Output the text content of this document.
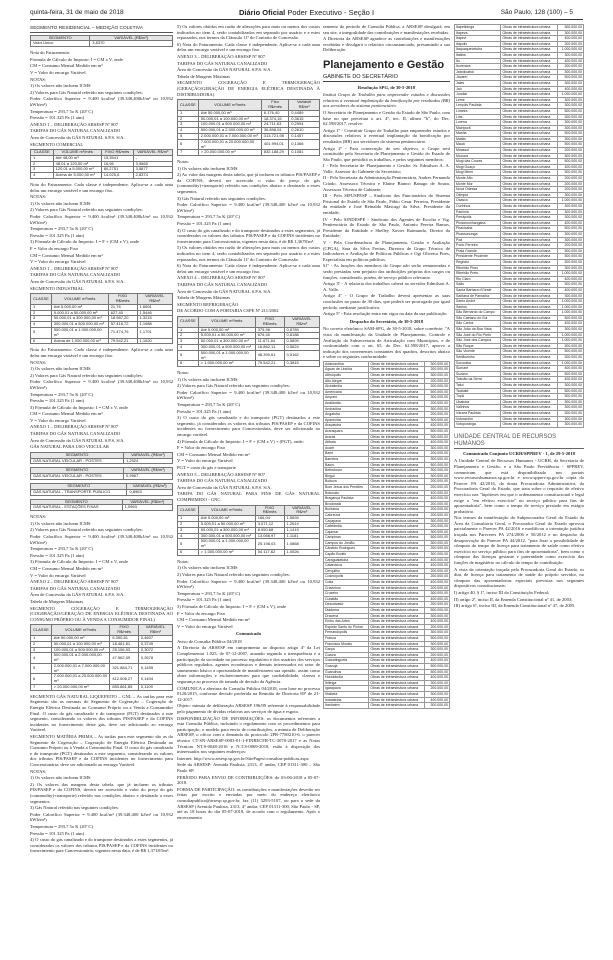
quinta-feira, 31 de maio de 2018	Diário Oficial Poder Executivo - Seção I	São Paulo, 128 (100) – 5
SEGMENTO RESIDENCIAL – MEDIÇÃO COLETIVA
SEGMENTO	VARIÁVEL (R$/m³)
Valor Único	3,8370

Nota do Faturamento:

Fórmula de Cálculo do Imposto: I = CM x V, onde

CM = Consumo Mensal Medido em m³

V = Valor do encargo Variável

NOTAS:

1) Os valores não incluem ICMS

2) Valores para Gás Natural referido nas seguintes condições:

Poder Calorífico Superior = 9.400 kcal/m³ (39.348,400kJ/m³ ou 10,932 kWh/m³)

Temperatura = 293,7 5o K (20º C)

Pressão = 101.325 Pa (1 atm)

ANEXO 1 – DELIBERAÇÃO ARSESP Nº 807

TARIFAS DO GÁS NATURAL CANALIZADO

Área de Concessão da GÁS NATURAL S.P.S. S/A.

SEGMENTO COMERCIAL

CLASSE	VOLUME m³/mês	FIXO R$/mês	VARIÁVEL R$/m³
1	Até 48,00 m³	19,3541	-
2	48,01 a 120,00 m³	16,96	3,9665
3	120,01 a 5.000,00 m³	80,2751	3,5877
4	Acima de 5.000,00 m³	14.025,6	2,8374

Nota do Faturamento: Cada classe é independente. Aplica-se a cada uma delas um encargo variável e um encargo fixo.

NOTAS:

1) Os valores não incluem ICMS

2) Valores para Gás Natural referido nas seguintes condições:

Poder Calorífico Superior = 9.400 kcal/m³ (39.348,400kJ/m³ ou 10,932 kWh/m³)

Temperatura = 293,7 5o K (20º C)

Pressão = 101.325 Pa (1 atm)

3) Fórmula de Cálculo do Imposto: I = F + (CM x V), onde

F = Valor do encargo Fixo

CM = Consumo Mensal Medido em m³

V = Valor do encargo Variável

ANEXO 1 – DELIBERAÇÃO ARSESP Nº 807

TARIFAS DO GÁS NATURAL CANALIZADO

Área de Concessão da GÁS NATURAL S.P.S. S/A.

SEGMENTO INDUSTRIAL

CLASSE	VOLUME m³/mês	FIXO R$/mês	VARIÁVEL R$/m³
1	Até 5.000,00 m³	21,76	1,6691
2	5.000,01 a 50.000,00 m³	627,40	1,5446
3	50.000,01 a 300.000,00 m³	18.987,20	1,3215
4	300.000,01 a 500.000,00 m³	57.416,72	1,1988
5	500.000,01 a 1.000.000,00 m³	71.474,76	1,1701
6	Acima de 1.000.000,00 m³	79.542,21	1,1620

Nota do Faturamento: Cada classe é independente. Aplica-se a cada uma delas um encargo variável e um encargo fixo.

NOTAS:

1) Os valores não incluem ICMS

2) Valores para Gás Natural referido nas seguintes condições:

Poder Calorífico Superior = 9.400 kcal/m³ (39.348,400kJ/m³ ou 10,932 kWh/m³)

Temperatura = 293,7 5o K (20º C)

Pressão = 101.325 Pa (1 atm)

3) Fórmula de Cálculo do Imposto: I = CM x V, onde

CM = Consumo Mensal Medido em m³

V = Valor do encargo Variável

ANEXO 1 – DELIBERAÇÃO ARSESP Nº 807

TARIFAS DO GÁS NATURAL CANALIZADO

Área de Concessão da GÁS NATURAL S.P.S. S/A.

GÁS NATURAL PARA USO VEICULAR

SEGMENTO	VARIÁVEL (R$/m³)
GÁS NATURAL VEICULAR - POSTES	1,2924
SEGMENTO	VARIÁVEL (R$/m³)
GÁS NATURAL VEICULAR - POSTES	0,9567
SEGMENTO	VARIÁVEL (R$/m³)
GÁS NATURAL - TRANSPORTE PÚBLICO	0,8963
SEGMENTO	VARIÁVEL (R$/m³)
GÁS NATURAL - ESTAÇÕES FIXAS	1,0963

NOTAS:

1) Os valores não incluem ICMS

2) Valores para Gás Natural referido nas seguintes condições:

Poder Calorífico Superior = 9.400 kcal/m³ (39.348,400kJ/m³ ou 10,932 kWh/m³)

Temperatura = 293,7 5o K (20º C)

Pressão = 101.325 Pa (1 atm)

3) Fórmula de Cálculo do Imposto: I = CM x V, onde

CM = Consumo Mensal Medido em m³

V = Valor do encargo Variável

ANEXO 2 – DELIBERAÇÃO ARSESP Nº 807

TARIFAS DO GÁS NATURAL CANALIZADO

Área de Concessão da GÁS NATURAL S.P.S. S/A.

Tabela de Margens Máximas

SEGMENTO COGERAÇÃO E TERMOGERAÇÃO (COGERAÇÃO/GERAÇÃO DE ENERGIA ELÉTRICA DESTINADA AO CONSUMO PRÓPRIO OU À VENDA A CONSUMIDOR FINAL)

CLASSE	VOLUME m³/mês	FIXO R$/mês	VARIÁVEL R$/m³
1	Até 50.000,00 m³	6.350,81	0,4607
2	50.000,01 a 100.000,00 m³	18.461,61	0,3749
3	100.000,01 a 500.000,00 m³	25.156,93	0,3072
4	500.000,01 a 2.000.000,00 m³	47.562,09	0,2678
5	2.000.000,01 a 7.000.000,00 m³	321.884,71	0,1495
6	7.000.000,01 a 20.000.000,00 m³	412.506,27	0,1404
7	> 20.000.000,00 m³	853.861,85	0,1109

SEGMENTO GÁS NATURAL LIQUEFEITO – GNL – As tarifas para este Segmento são as mesmas do Segmento de Cogeração – Cogeração de Energia Elétrica Destinada ao Consumo Próprio ou a Venda a Consumidor Final. O custo do gás canalizado e do transporte (PGT) destinados a este segmento, considerando os valores dos tributos PIS/PASEP e da COFINS incidentes no fornecimento deste gás, deve ser adicionado ao encargo Variável.

SEGMENTO MATÉRIA PRIMA – As tarifas para este segmento são as do Segmento de Cogeração – Cogeração de Energia Elétrica Destinada ao Consumo Próprio ou à Venda a Consumidor Final. O custo do gás canalizado e do transporte (PGT) destinados a este segmento, considerando os valores dos tributos PIS/PASEP e da COFINS incidentes no fornecimento para Concessionária, deve ser adicionado ao encargo Variável.

NOTAS:

1) Os valores não incluem ICMS

2) Os valores das margens desta tabela, que já incluem os tributos PIS/PASEP e da COFINS, deverá ser acrescido o valor do preço do gás (commodity)+transporte) referido nas condições abaixo e destinado a esses segmentos.

3) Gás Natural referido nas seguintes condições:

Poder Calorífico Superior = 9.400 kcal/m³ (39.348,400 kJ/m³ ou 10,932 kWh/m³)

Temperatura = 293,7 5o K (20º C)

Pressão = 101.325 Pa (1 atm)

4) O custo do gás canalizado e do transporte destinados a estes segmentos, já considerados os valores dos tributos PIS/PASEP e da COFINS incidentes no fornecimento para Concessionária, vigentes nesta data, é de R$ 1,3718/5m³.

5) Os valores obtidos em razão de alterações para mais ou menos dos custos indicados no item 4, serão contabilizados em separado por usuário e a estes repassados, nos termos da Cláusula 11ª do Contrato de Concessão.

6) Nota do Faturamento: Cada classe é independente. Aplica-se a cada uma delas um encargo variável e um encargo fixo.

ANEXO 3 – DELIBERAÇÃO ARSESP Nº 807

TARIFAS DO GÁS NATURAL CANALIZADO

Área de Concessão da GÁS NATURAL S.P.S. S/A.

Tabela de Margens Máximas

SEGMENTO COGERAÇÃO E TERMOGERAÇÃO (GERAÇÃO/GERAÇÃO DE ENERGIA ELÉTRICA DESTINADA À DISTRIBUIDORA)

CLASSE	VOLUME m³/mês	Fixo R$/mês	Variável R$/m³
1	Até 50.000,00 m³	6.176,40	0,4489
2	50.000,01 a 100.000,00 m³	18.374,15	0,3615
3	100.000,01 a 500.000,00 m³	24.711,63	0,2994
4	500.000,01 a 2.000.000,00 m³	36.898,91	0,2610
5	2.000.000,01 a 7.000.000,00 m³	313.721,98	0,1457
6	7.000.000,01 a 20.000.000,00 m³	401.994,01	0,1368
7	> 20.000.000,00 m³	832.188,29	0,1081

Notas:

1) Os valores não incluem ICMS

2) Ao valor das margens desta tabela, que já incluem os tributos PIS/PASEP e da COFINS, deverá ser acrescido o valor do preço do gás (commodity)+transporte) referido nas condições abaixo e destinado a esses segmentos.

3) Gás Natural referido nas seguintes condições:

Poder Calorífico Superior = 9.400 kcal/m³ (39.348,400 kJ/m³ ou 10,932 kWh/m³)

Temperatura = 293,7 5o K (20º C)

Pressão = 101.325 Pa (1 atm)

4) O custo do gás canalizado e do transporte destinados a estes segmentos, já considerados os valores dos tributos PIS/PASEP e da COFINS incidentes no fornecimento para Concessionária, vigentes nesta data, é de R$ 1,3678/m³.

5) Os valores obtidos em razão de alterações para mais ou menos dos custos indicados no item 4, serão contabilizados em separado por usuário e a estes repassados, nos termos da Cláusula 11ª do Contrato de Concessão.

6) Nota do Faturamento: Cada classe é independente. Aplica-se a cada uma delas um encargo variável e um encargo fixo.

ANEXO 4 – DELIBERAÇÃO ARSESP Nº 807

TARIFAS DO GÁS NATURAL CANALIZADO

Área de Concessão da GÁS NATURAL S.P.S. S/A.

Tabela de Margens Máximas

SEGMENTO REFRIGERAÇÃO

DE ACORDO COM A PORTARIA CSPE Nº 211/2002

CLASSE	VOLUME m³/mês	FIXO R$/mês	VARIÁVEL R$/m³
1	Até 5.000,00 m³	375,96	0,8789
2	5.000,01 a 50.000,00 m³	676,40	0,8188
3	50.000,01 a 300.000,00 m³	11.671,64	0,5899
4	300.000,01 a 500.000,00 m³	16.862,11	0,5624
5	500.000,01 a 1.000.000,00 m³	48.390,61	0,5162
6	> 1.000.000,00 m³	79.542,21	0,3815

Notas:

1) Os valores não incluem ICMS

2) Valores para Gás Natural referido nas seguintes condições:

Poder Calorífico Superior = 9.400 kcal/m³ (39.348,400 kJ/m³ ou 10,932 kWh/m³)

Temperatura = 293,7 5o K (20º C)

Pressão = 101.325 Pa (1 atm)

3) O custo do gás canalizado e do transporte (PGT) destinados a este segmento, já considerados os valores dos tributos PIS/PASEP e da COFINS incidentes no fornecimento para Concessionária, deve ser adicionado ao encargo variável.

4) Fórmula de Cálculo do Imposto: I = F + (CM x V) + (PGT), onde:

F = Valor do encargo Fixo

CM = Consumo Mensal Medido em m³

V = Valor do encargo Variável

PGT = custo do gás e transporte

ANEXO 5 – DELIBERAÇÃO ARSESP Nº 807

TARIFAS DO GÁS NATURAL CANALIZADO

Área de Concessão da GÁS NATURAL S.P.S. S/A.

TARIFA DO GÁS NATURAL PARA FINS DE GÁS NATURAL COMPRIMIDO - GNC

CLASSE	VOLUME m³/mês	FIXO R$/mês	VARIÁVEL R$/m³
1	Até 5.000,00 m³	166,04	1,5694
2	5.000,01 a 50.000,00 m³	3.071,12	1,2614
3	50.000,01 a 300.000,00 m³	8.950,68	1,1419
4	300.000,01 a 500.000,00 m³	13.066,97	1,1181
5	500.000,01 a 1.000.000,00 m³	25.198,03	1,0868
6	> 1.000.000,00 m³	54.117,62	1,0526

Notas:

1) Os valores não incluem ICMS

2) Valores para Gás Natural referido nas seguintes condições:

Poder Calorífico Superior = 9.400 kcal/m³ (39.348,400 kJ/m³ ou 10,932 kWh/m³)

Temperatura = 293,7 5o K (20º C)

Pressão = 101.325 Pa (1 atm)

3) Fórmula de Cálculo do Imposto: I = F + (CM x V), onde

F = Valor do encargo Fixo

CM = Consumo Mensal Medido em m³

V = Valor do encargo Variável

Comunicado

Aviso de Consulta Pública 04/2018

A Diretoria da ARSESP em cumprimento ao disposto artigo 4º da Lei Complementar 1.025, de 07-12-2007, atuando segundo a transparência e a participação da sociedade no processo regulatório e dos usuários dos serviços públicos regulados, agentes econômicos e demais interessados no setor de saneamento básico a oportunidade de manifestarem sua opinião, assim como obter informações e esclarecimentos para que confiabilidade, clareza e segurança ao processo de tomada de decisão da Agência.

COMUNICA a abertura da Consulta Pública 04/2018, com base no processo 0120/2015, conforme decisão proferida na Reunião de Diretoria 69ª de 21-12-2017.

Objeto: minuta de deliberação ARSESP 196/09 referente à responsabilidade pelo pagamento de dívidas relativas aos serviços de água e esgoto.

DISPONIBILIZAÇÃO DE INFORMAÇÕES: os documentos referentes a esta Consulta Pública, incluindo o regulamento com os procedimentos para participação, o modelo para envio de contribuições, a minuta de Deliberação ARSESP, o ofício com a demanda do protocolo 2PR-7780210-6, o parecer técnico CT-SN-ARSESP-0003-01-1-FINBECFR-TC-3070-2017 e as Notas Técnicas NT.S-0048-2016 e N.T.S-0069-2018, estão à disposição dos interessados nos seguintes endereços:

Internet: http://www.arsesp.sp.gov.br/SitePages/consultas-publicas.aspx

Sede da ARSESP: Avenida Paulista, 2313, 4º andar, CEP 01311-300 – São Paulo SP.

PERÍODO PARA ENVIO DE CONTRIBUIÇÕES: de 03-06-2018 a 05-07-2018.

FORMA DE PARTICIPAÇÃO: as contribuições e manifestações deverão ser feitas por escrito e enviadas por meio do endereço eletrônico consultapublica@arsesp.sp.gov.br, fax (11) 3293-5107, ou para a sede da ARSESP (Avenida Paulista, 2313, 4º andar, CEP 01311-300, São Paulo - SP, até as 18 horas do dia 05-07-2018, de acordo com o regulamento. Após o encerramento

ramento do período de Consulta Pública, a ARSESP divulgará, em seu site, a integralidade das contribuições e manifestações recebidas.

A Diretoria da ARSESP agradece as contribuições e manifestações recebidas e divulgará o relatório circunstanciado, presumindo a sua Deliberação.

Planejamento e Gestão
GABINETE DO SECRETÁRIO
Resolução SPG, de 30-5-2018

Institui Grupo de Trabalho para empreender estudos e discussões relativos à eventual implantação da bonificação por resultados (BR) aos servidores do sistema penitenciário.

O Secretário de Planejamento e Gestão do Estado de São Paulo, com base no que preceitua o art. 4º, inc. II, alínea "h", do Dec. 62.598/2017, resolve:

Artigo 1º - Constituir Grupo de Trabalho para empreender estudos e discussões relativos à eventual implantação da bonificação por resultados (BR) aos servidores do sistema penitenciário.

Artigo 2º - Para consecução do seu objetivo, o Grupo será constituído pela Secretaria de Planejamento e Gestão do Estado de São Paulo, que presidirá os trabalhos, e pelos seguintes membros:

I - Pela Secretaria de Planejamento e Gestão: Sr. Edmilson A. A. Valle, Assessor do Gabinete do Secretário;

II - Pela Secretaria da Administração Penitenciária, Andres Fernando Criado, Assessora Técnica e Elaine Bianco Banago de Souza, Assessora Técnica de Gabinete;

III - Pelo SIFUSPESP – Sindicato dos Funcionários do Sistema Prisional do Estado de São Paulo, Fábio Cesar Ferreira, Presidente da entidade e José Reinaldo Mascagi da Silva, Presidente da entidade;

IV - Pelo SINDESPE - Sindicato dos Agentes de Escolta e Vig. Penitenciária do Estado de São Paulo, Antonio Pereira Ramos, Presidente da Entidade e Shelley Xavier Raimundo, Diretor da Entidade;

V - Pela Coordenadoria de Planejamento, Gestão e Avaliação (CPGA), Sara da Silva Freitas, Diretora de Grupo Técnico de Indicadores e Avaliação de Políticas Públicas e Ogi Oliveira Pires, Especialista em políticas públicas.

§1º - As funções dos membros do Grupo não serão remuneradas e serão prestadas sem prejuízo das atribuições próprias dos cargos ou funções, considerado, porém, de serviço público relevante.

Artigo 3º - A relatoria dos trabalhos caberá ao servidor Edmilson A. A. Valle.

Artigo 4º - O Grupo de Trabalho deverá apresentar as suas conclusões no prazo de 30 dias, que poderá ser prorrogado por igual período, mediante justificativa.

Artigo 5º - Esta resolução entra em vigor na data da sua publicação.

Despacho do Secretário, de 30-5-2018

No correio eletrônico SAM-SPG, de 30-5-2018, sobre convênio: "A vista da manifestação da Unidade de Planejamento, Controle e Avaliação da Subsecretaria de Articulação com Municípios, e de conformidade com o art. 65, do Dec. 62.598/2017, aprovo a indicação dos convenentes constantes dos quadros, descritos abaixo e sobre os seguintes conformidade:

Adamantina	Obras de infraestrutura urbana	300.000,00
Águas de Lindóia	Obras de infraestrutura urbana	200.000,00
Altinópolis	Obras de infraestrutura urbana	300.000,00
Alto Alegre	Obras de infraestrutura urbana	200.000,00
Alvinlândia	Obras de infraestrutura urbana	200.000,00
Americana	Obras de infraestrutura urbana	500.000,00
Amparo	Obras de infraestrutura urbana	300.000,00
Analândia	Obras de infraestrutura urbana	200.000,00
Andradina	Obras de infraestrutura urbana	300.000,00
Angatuba	Obras de infraestrutura urbana	200.000,00
Aparecida	Obras de infraestrutura urbana	300.000,00
Araçatuba	Obras de infraestrutura urbana	400.000,00
Araraquara	Obras de infraestrutura urbana	500.000,00
Araras	Obras de infraestrutura urbana	300.000,00
Atibaia	Obras de infraestrutura urbana	400.000,00
Avaré	Obras de infraestrutura urbana	300.000,00
Bariri	Obras de infraestrutura urbana	200.000,00
Barretos	Obras de infraestrutura urbana	300.000,00
Bauru	Obras de infraestrutura urbana	500.000,00
Bebedouro	Obras de infraestrutura urbana	300.000,00
Birigui	Obras de infraestrutura urbana	300.000,00
Boituva	Obras de infraestrutura urbana	200.000,00
Bom Jesus dos Perdões	Obras de infraestrutura urbana	200.000,00
Botucatu	Obras de infraestrutura urbana	400.000,00
Bragança Paulista	Obras de infraestrutura urbana	400.000,00
Brodowski	Obras de infraestrutura urbana	200.000,00
Buritama	Obras de infraestrutura urbana	200.000,00
Cabreúva	Obras de infraestrutura urbana	200.000,00
Caçapava	Obras de infraestrutura urbana	300.000,00
Cafelândia	Obras de infraestrutura urbana	200.000,00
Cajamar	Obras de infraestrutura urbana	300.000,00
Campinas	Obras de infraestrutura urbana	500.000,00
Campos do Jordão	Obras de infraestrutura urbana	300.000,00
Cândido Rodrigues	Obras de infraestrutura urbana	200.000,00
Capão Bonito	Obras de infraestrutura urbana	300.000,00
Caraguatatuba	Obras de infraestrutura urbana	400.000,00
Catanduva	Obras de infraestrutura urbana	400.000,00
Cerquilho	Obras de infraestrutura urbana	200.000,00
Cosmópolis	Obras de infraestrutura urbana	200.000,00
Cotia	Obras de infraestrutura urbana	400.000,00
Cravinhos	Obras de infraestrutura urbana	200.000,00
Cruzeiro	Obras de infraestrutura urbana	300.000,00
Cubatão	Obras de infraestrutura urbana	400.000,00
Descalvado	Obras de infraestrutura urbana	200.000,00
Diadema	Obras de infraestrutura urbana	500.000,00
Dracena	Obras de infraestrutura urbana	300.000,00
Embu das Artes	Obras de infraestrutura urbana	400.000,00
Espírito Santo do Pinhal	Obras de infraestrutura urbana	200.000,00
Fernandópolis	Obras de infraestrutura urbana	300.000,00
Franca	Obras de infraestrutura urbana	500.000,00
Francisco Morato	Obras de infraestrutura urbana	300.000,00
Garça	Obras de infraestrutura urbana	300.000,00
Guaíra	Obras de infraestrutura urbana	200.000,00
Guaratinguetá	Obras de infraestrutura urbana	400.000,00
Guarujá	Obras de infraestrutura urbana	500.000,00
Guarulhos	Obras de infraestrutura urbana	500.000,00
Hortolândia	Obras de infraestrutura urbana	400.000,00
Ibitinga	Obras de infraestrutura urbana	300.000,00
Igarapava	Obras de infraestrutura urbana	200.000,00
Ilhabela	Obras de infraestrutura urbana	300.000,00
Indaiatuba	Obras de infraestrutura urbana	400.000,00
Itanhaém	Obras de infraestrutura urbana	300.000,00
Itapetininga	Obras de infraestrutura urbana	300.000,00
Itapeva	Obras de infraestrutura urbana	300.000,00
Itapevi	Obras de infraestrutura urbana	400.000,00
Itápolis	Obras de infraestrutura urbana	200.000,00
Itaquaquecetuba	Obras de infraestrutura urbana	1.000.000,00
Itatiba	Obras de infraestrutura urbana	300.000,00
Itu	Obras de infraestrutura urbana	400.000,00
Ituverava	Obras de infraestrutura urbana	200.000,00
Jaboticabal	Obras de infraestrutura urbana	300.000,00
Jacareí	Obras de infraestrutura urbana	500.000,00
Jales	Obras de infraestrutura urbana	300.000,00
Jaú	Obras de infraestrutura urbana	400.000,00
Jundiaí	Obras de infraestrutura urbana	1.000.000,00
Leme	Obras de infraestrutura urbana	300.000,00
Lençóis Paulista	Obras de infraestrutura urbana	300.000,00
Limeira	Obras de infraestrutura urbana	500.000,00
Lins	Obras de infraestrutura urbana	300.000,00
Lorena	Obras de infraestrutura urbana	300.000,00
Mairiporã	Obras de infraestrutura urbana	300.000,00
Marília	Obras de infraestrutura urbana	500.000,00
Matão	Obras de infraestrutura urbana	300.000,00
Mauá	Obras de infraestrutura urbana	500.000,00
Mirassol	Obras de infraestrutura urbana	200.000,00
Mococa	Obras de infraestrutura urbana	300.000,00
Mogi das Cruzes	Obras de infraestrutura urbana	500.000,00
Mogi Guaçu	Obras de infraestrutura urbana	400.000,00
Mogi Mirim	Obras de infraestrutura urbana	300.000,00
Monte Alto	Obras de infraestrutura urbana	200.000,00
Monte Mor	Obras de infraestrutura urbana	200.000,00
Nova Odessa	Obras de infraestrutura urbana	200.000,00
Olímpia	Obras de infraestrutura urbana	300.000,00
Osasco	Obras de infraestrutura urbana	1.000.000,00
Ourinhos	Obras de infraestrutura urbana	300.000,00
Paulínia	Obras de infraestrutura urbana	300.000,00
Penápolis	Obras de infraestrutura urbana	300.000,00
Pindamonhangaba	Obras de infraestrutura urbana	400.000,00
Piracicaba	Obras de infraestrutura urbana	500.000,00
Pirassununga	Obras de infraestrutura urbana	300.000,00
Poá	Obras de infraestrutura urbana	300.000,00
Porto Ferreira	Obras de infraestrutura urbana	200.000,00
Praia Grande	Obras de infraestrutura urbana	500.000,00
Presidente Prudente	Obras de infraestrutura urbana	500.000,00
Registro	Obras de infraestrutura urbana	300.000,00
Ribeirão Pires	Obras de infraestrutura urbana	300.000,00
Ribeirão Preto	Obras de infraestrutura urbana	1.000.000,00
Rio Claro	Obras de infraestrutura urbana	400.000,00
Salto	Obras de infraestrutura urbana	300.000,00
Santa Bárbara d'Oeste	Obras de infraestrutura urbana	400.000,00
Santana de Parnaíba	Obras de infraestrutura urbana	300.000,00
Santo André	Obras de infraestrutura urbana	1.000.000,00
Santos	Obras de infraestrutura urbana	1.000.000,00
São Bernardo do Campo	Obras de infraestrutura urbana	1.000.000,00
São Caetano do Sul	Obras de infraestrutura urbana	500.000,00
São Carlos	Obras de infraestrutura urbana	400.000,00
São João da Boa Vista	Obras de infraestrutura urbana	300.000,00
São José do Rio Preto	Obras de infraestrutura urbana	1.000.000,00
São José dos Campos	Obras de infraestrutura urbana	1.000.000,00
São Roque	Obras de infraestrutura urbana	300.000,00
São Vicente	Obras de infraestrutura urbana	500.000,00
Sertãozinho	Obras de infraestrutura urbana	300.000,00
Sorocaba	Obras de infraestrutura urbana	1.000.000,00
Sumaré	Obras de infraestrutura urbana	400.000,00
Suzano	Obras de infraestrutura urbana	500.000,00
Taboão da Serra	Obras de infraestrutura urbana	400.000,00
Tatuí	Obras de infraestrutura urbana	300.000,00
Taubaté	Obras de infraestrutura urbana	500.000,00
Tupã	Obras de infraestrutura urbana	300.000,00
Ubatuba	Obras de infraestrutura urbana	300.000,00
Valinhos	Obras de infraestrutura urbana	300.000,00
Várzea Paulista	Obras de infraestrutura urbana	300.000,00
Votorantim	Obras de infraestrutura urbana	300.000,00
Votuporanga	Obras de infraestrutura urbana	300.000,00
UNIDADE CENTRAL DE RECURSOS HUMANOS
Comunicado Conjunto UCRH/SPPREV - 1, de 29-5-2018

A Unidade Central de Recursos Humanos - UCRH, da Secretaria de Planejamento e Gestão, e a São Paulo Previdência - SPPREV, comunicam que está disponibilizado nos portais www.recursoshumanos.sp.gov.br e www.spprev.sp.gov.br cópia do Parecer PA 42/2016, da douta Procuradoria Administrativa, da Procuradoria Geral do Estado, que trata sobre o requisito de efetivo exercício nas "hipóteses em que o ordenamento constitucional e legal exige a "em efetivo exercício" no serviço público para fins de aposentadoria", bem como o tempo de serviço prestado em estágio probatório.

Nos termos da manifestação do Subprocurador Geral do Estado da Área da Consultoria Geral, o Procurador Geral do Estado aprovou parcialmente o Parecer PA 42/2016 e modificou a orientação jurídica traçada nos Pareceres PA 274/2006 e 50/2012 e no despacho da desaprovação do Parecer PA 44/2012, "para fixar a possibilidade de cômputo do tempo de licença para tratamento de saúde como efetivo exercício no serviço público para fins de aposentadoria", bem como o cômputo das licenças gestante e paternidade como exercício das funções de magistério no cálculo do tempo de contribuição.

A vista da orientação traçada pela Procuradoria Geral do Estado, os dias de licença para tratamento de saúde do próprio servidor, no cômputo das aposentadorias especiais previstas nos seguintes dispositivos constitucionais:

I) artigo 40, § 1º, inciso III da Constituição Federal;

II) artigo 2º, inciso II, da Emenda Constitucional nº 41, de 2003;

III) artigo 6º, inciso III, da Emenda Constitucional nº 47, de 2005.
